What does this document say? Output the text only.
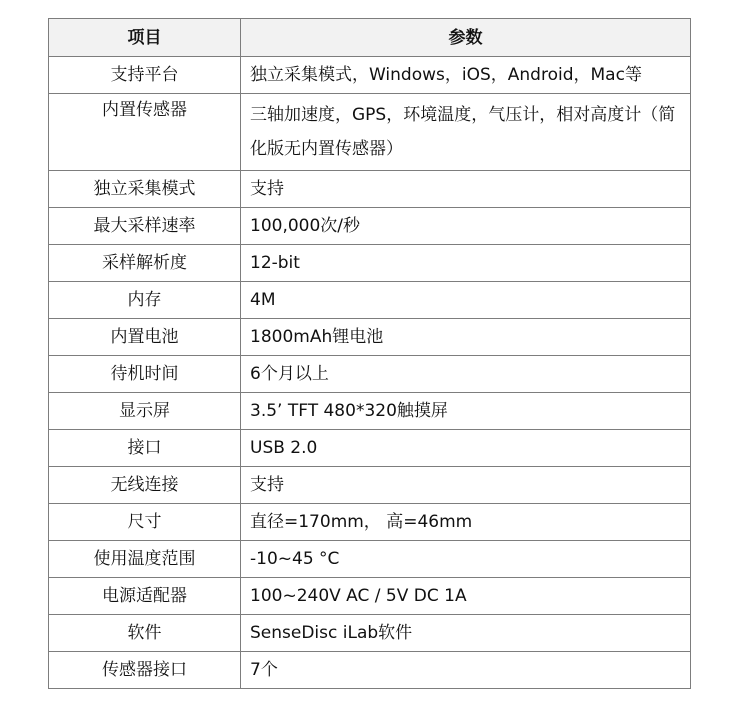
项目	参数
支持平台	独立采集模式，Windows，iOS，Android，Mac等
内置传感器	三轴加速度，GPS，环境温度，气压计，相对高度计（简化版无内置传感器）
独立采集模式	支持
最大采样速率	100,000次/秒
采样解析度	12-bit
内存	4M
内置电池	1800mAh锂电池
待机时间	6个月以上
显示屏	3.5’ TFT 480*320触摸屏
接口	USB 2.0
无线连接	支持
尺寸	直径=170mm， 高=46mm
使用温度范围	-10~45 °C
电源适配器	100~240V AC / 5V DC 1A
软件	SenseDisc iLab软件
传感器接口	7个
